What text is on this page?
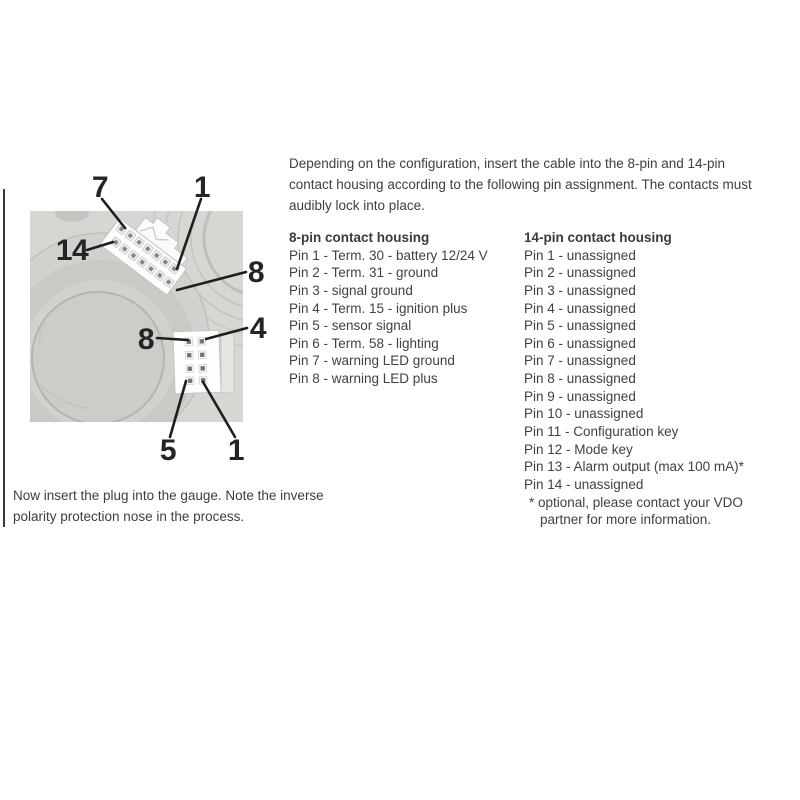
7	1
14
8
4
8
5 1
Depending on the configuration, insert the cable into the 8-pin and 14-pin
contact housing according to the following pin assignment. The contacts must
audibly lock into place.
8-pin contact housing
Pin 1 - Term. 30 - battery 12/24 V
Pin 2 - Term. 31 - ground
Pin 3 - signal ground
Pin 4 - Term. 15 - ignition plus
Pin 5 - sensor signal
Pin 6 - Term. 58 - lighting
Pin 7 - warning LED ground
Pin 8 - warning LED plus
14-pin contact housing
Pin 1 - unassigned
Pin 2 - unassigned
Pin 3 - unassigned
Pin 4 - unassigned
Pin 5 - unassigned
Pin 6 - unassigned
Pin 7 - unassigned
Pin 8 - unassigned
Pin 9 - unassigned
Pin 10 - unassigned
Pin 11 - Configuration key
Pin 12 - Mode key
Pin 13 - Alarm output (max 100 mA)*
Pin 14 - unassigned
* optional, please contact your VDO
partner for more information.
Now insert the plug into the gauge. Note the inverse
polarity protection nose in the process.
